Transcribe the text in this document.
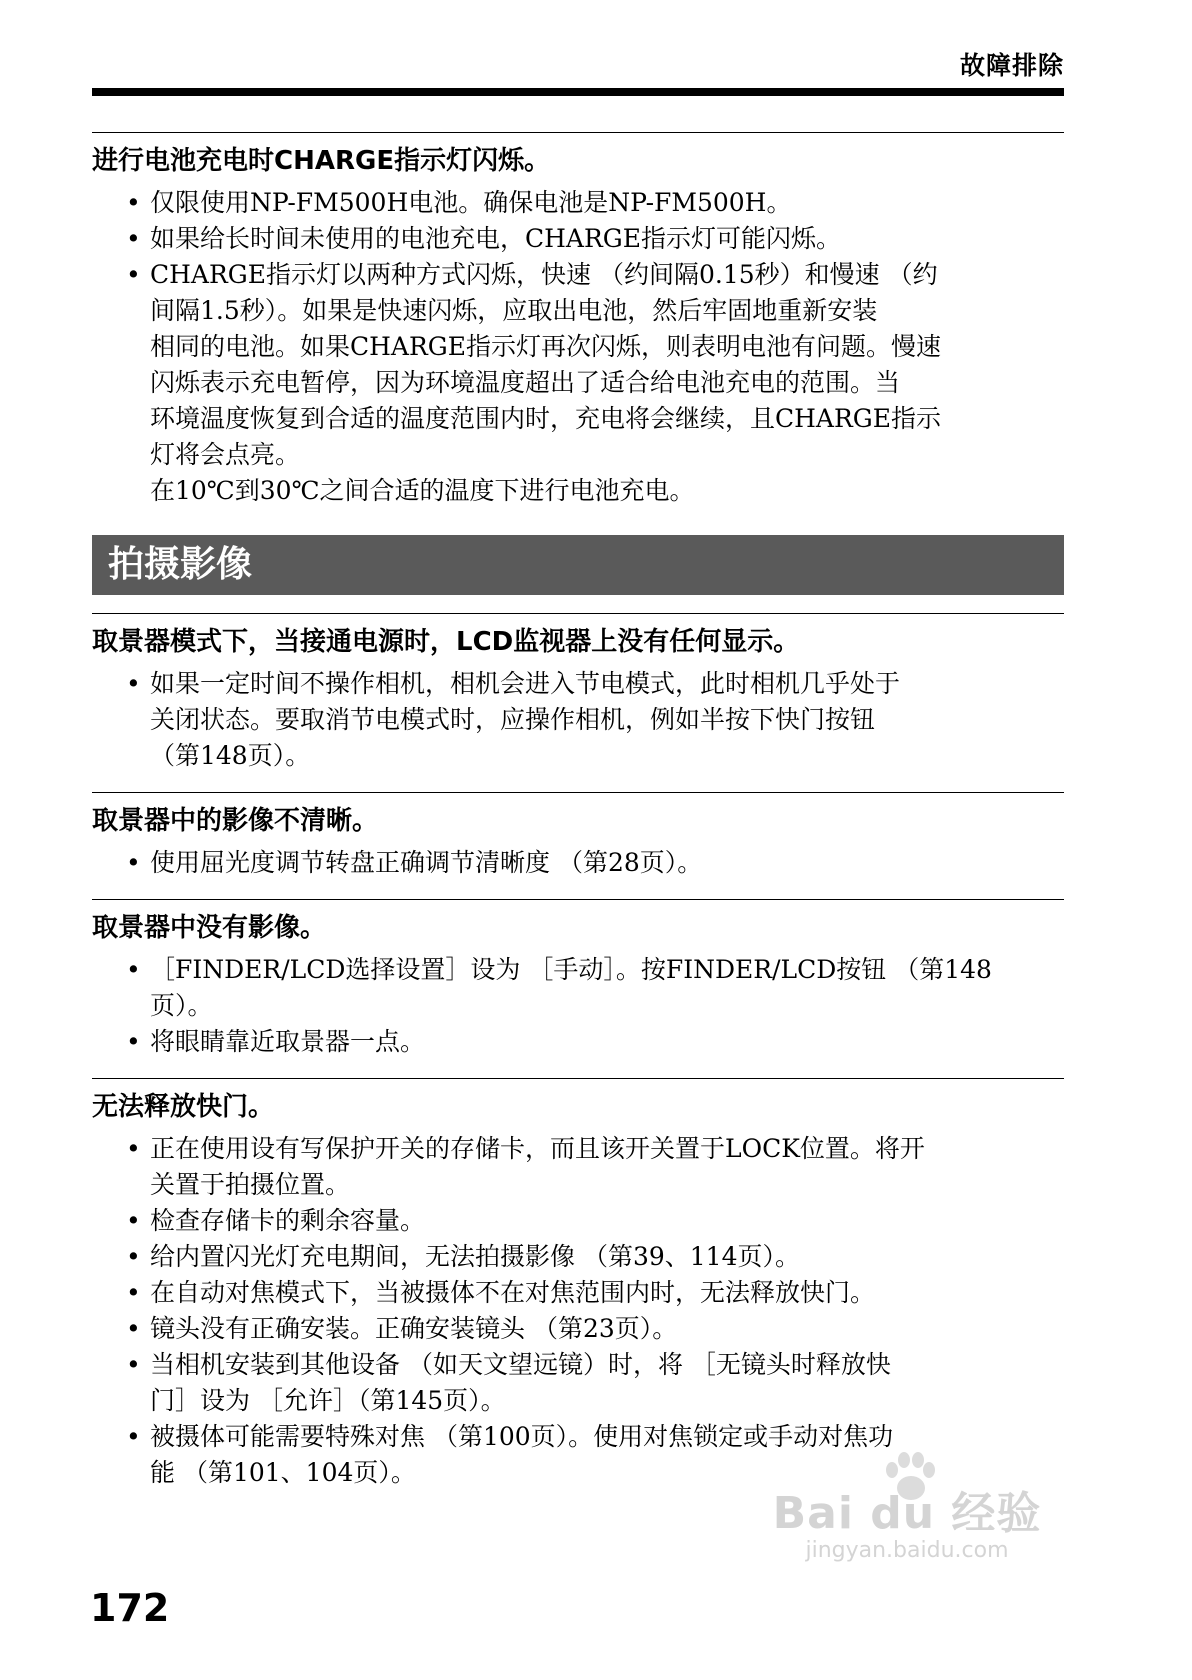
故障排除
进行电池充电时CHARGE指示灯闪烁。
• 仅限使用NP-FM500H电池。确保电池是NP-FM500H。
• 如果给长时间未使用的电池充电，CHARGE指示灯可能闪烁。
• CHARGE指示灯以两种方式闪烁，快速 （约间隔0.15秒）和慢速 （约
间隔1.5秒）。如果是快速闪烁，应取出电池，然后牢固地重新安装
相同的电池。如果CHARGE指示灯再次闪烁，则表明电池有问题。慢速
闪烁表示充电暂停，因为环境温度超出了适合给电池充电的范围。当
环境温度恢复到合适的温度范围内时，充电将会继续，且CHARGE指示
灯将会点亮。
在10℃到30℃之间合适的温度下进行电池充电。
拍摄影像
取景器模式下，当接通电源时，LCD监视器上没有任何显示。
• 如果一定时间不操作相机，相机会进入节电模式，此时相机几乎处于
关闭状态。要取消节电模式时，应操作相机，例如半按下快门按钮
（第148页）。
取景器中的影像不清晰。
• 使用屈光度调节转盘正确调节清晰度 （第28页）。
取景器中没有影像。
• ［FINDER/LCD选择设置］设为 ［手动］。按FINDER/LCD按钮 （第148
页）。
• 将眼睛靠近取景器一点。
无法释放快门。
• 正在使用设有写保护开关的存储卡，而且该开关置于LOCK位置。将开
关置于拍摄位置。
• 检查存储卡的剩余容量。
• 给内置闪光灯充电期间，无法拍摄影像 （第39、114页）。
• 在自动对焦模式下，当被摄体不在对焦范围内时，无法释放快门。
• 镜头没有正确安装。正确安装镜头 （第23页）。
• 当相机安装到其他设备 （如天文望远镜）时，将 ［无镜头时释放快
门］设为 ［允许］（第145页）。
• 被摄体可能需要特殊对焦 （第100页）。使用对焦锁定或手动对焦功
能 （第101、104页）。
172
Bai du 经验
jingyan.baidu.com
